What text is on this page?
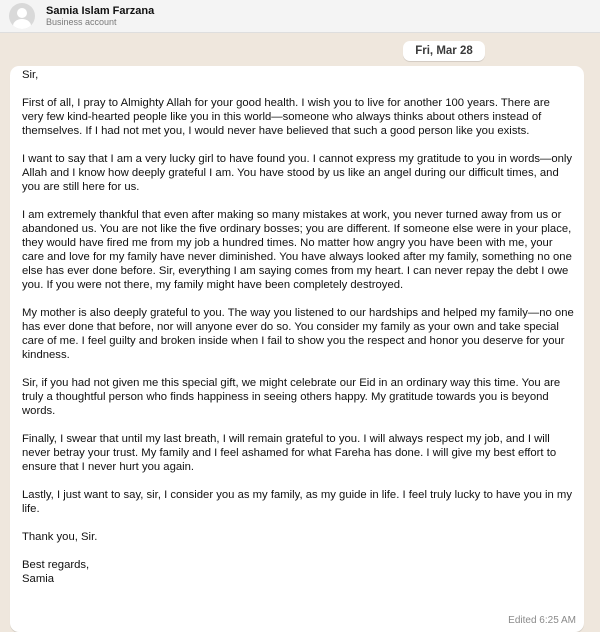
Samia Islam Farzana
Business account
Fri, Mar 28

Sir,

First of all, I pray to Almighty Allah for your good health. I wish you to live for another 100 years. There are very few kind-hearted people like you in this world—someone who always thinks about others instead of themselves. If I had not met you, I would never have believed that such a good person like you exists.

I want to say that I am a very lucky girl to have found you. I cannot express my gratitude to you in words—only Allah and I know how deeply grateful I am. You have stood by us like an angel during our difficult times, and you are still here for us.

I am extremely thankful that even after making so many mistakes at work, you never turned away from us or abandoned us. You are not like the five ordinary bosses; you are different. If someone else were in your place, they would have fired me from my job a hundred times. No matter how angry you have been with me, your care and love for my family have never diminished. You have always looked after my family, something no one else has ever done before. Sir, everything I am saying comes from my heart. I can never repay the debt I owe you. If you were not there, my family might have been completely destroyed.

My mother is also deeply grateful to you. The way you listened to our hardships and helped my family—no one has ever done that before, nor will anyone ever do so. You consider my family as your own and take special care of me. I feel guilty and broken inside when I fail to show you the respect and honor you deserve for your kindness.

Sir, if you had not given me this special gift, we might celebrate our Eid in an ordinary way this time. You are truly a thoughtful person who finds happiness in seeing others happy. My gratitude towards you is beyond words.

Finally, I swear that until my last breath, I will remain grateful to you. I will always respect my job, and I will never betray your trust. My family and I feel ashamed for what Fareha has done. I will give my best effort to ensure that I never hurt you again.

Lastly, I just want to say, sir, I consider you as my family, as my guide in life. I feel truly lucky to have you in my life.

Thank you, Sir.

Best regards,
Samia

Edited 6:25 AM
